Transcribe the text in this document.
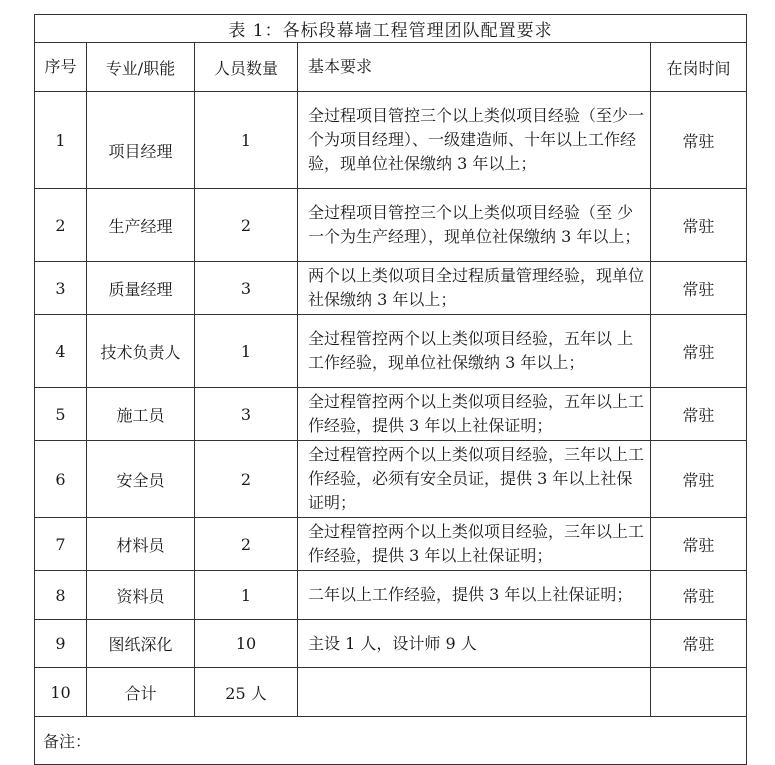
表 1：各标段幕墙工程管理团队配置要求				
序号	专业/职能	人员数量	基本要求	在岗时间
1	项目经理	1	全过程项目管控三个以上类似项目经验（至少一个为项目经理）、一级建造师、十年以上工作经验，现单位社保缴纳 3 年以上；	常驻
2	生产经理	2	全过程项目管控三个以上类似项目经验（至 少一个为生产经理），现单位社保缴纳 3 年以上；	常驻
3	质量经理	3	两个以上类似项目全过程质量管理经验，现单位社保缴纳 3 年以上；	常驻
4	技术负责人	1	全过程管控两个以上类似项目经验，五年以 上工作经验，现单位社保缴纳 3 年以上；	常驻
5	施工员	3	全过程管控两个以上类似项目经验，五年以上工作经验，提供 3 年以上社保证明；	常驻
6	安全员	2	全过程管控两个以上类似项目经验，三年以上工作经验，必须有安全员证，提供 3 年以上社保证明；	常驻
7	材料员	2	全过程管控两个以上类似项目经验，三年以上工作经验，提供 3 年以上社保证明；	常驻
8	资料员	1	二年以上工作经验，提供 3 年以上社保证明；	常驻
9	图纸深化	10	主设 1 人，设计师 9 人	常驻
10	合计	25 人		
备注：				
